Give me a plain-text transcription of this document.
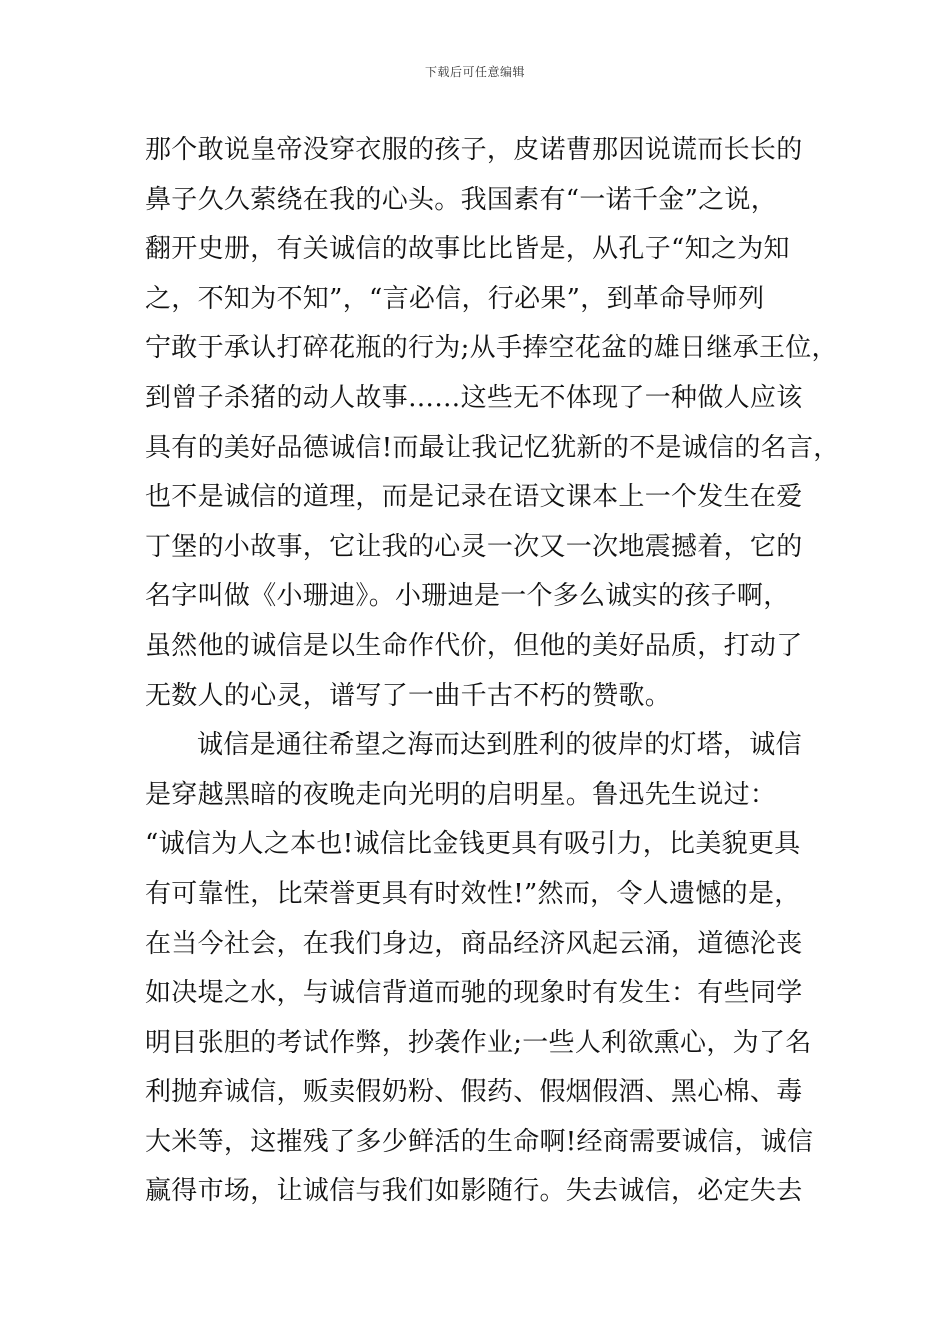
下载后可任意编辑
那个敢说皇帝没穿衣服的孩子，皮诺曹那因说谎而长长的
鼻子久久萦绕在我的心头。我国素有“一诺千金”之说，
翻开史册，有关诚信的故事比比皆是，从孔子“知之为知
之，不知为不知”，“言必信，行必果”，到革命导师列
宁敢于承认打碎花瓶的行为;从手捧空花盆的雄日继承王位，
到曾子杀猪的动人故事……这些无不体现了一种做人应该
具有的美好品德诚信!而最让我记忆犹新的不是诚信的名言，
也不是诚信的道理，而是记录在语文课本上一个发生在爱
丁堡的小故事，它让我的心灵一次又一次地震撼着，它的
名字叫做《小珊迪》。小珊迪是一个多么诚实的孩子啊，
虽然他的诚信是以生命作代价，但他的美好品质，打动了
无数人的心灵，谱写了一曲千古不朽的赞歌。
诚信是通往希望之海而达到胜利的彼岸的灯塔，诚信
是穿越黑暗的夜晚走向光明的启明星。鲁迅先生说过：
“诚信为人之本也!诚信比金钱更具有吸引力，比美貌更具
有可靠性，比荣誉更具有时效性!”然而，令人遗憾的是，
在当今社会，在我们身边，商品经济风起云涌，道德沦丧
如决堤之水，与诚信背道而驰的现象时有发生：有些同学
明目张胆的考试作弊，抄袭作业;一些人利欲熏心，为了名
利抛弃诚信，贩卖假奶粉、假药、假烟假酒、黑心棉、毒
大米等，这摧残了多少鲜活的生命啊!经商需要诚信，诚信
赢得市场，让诚信与我们如影随行。失去诚信，必定失去
